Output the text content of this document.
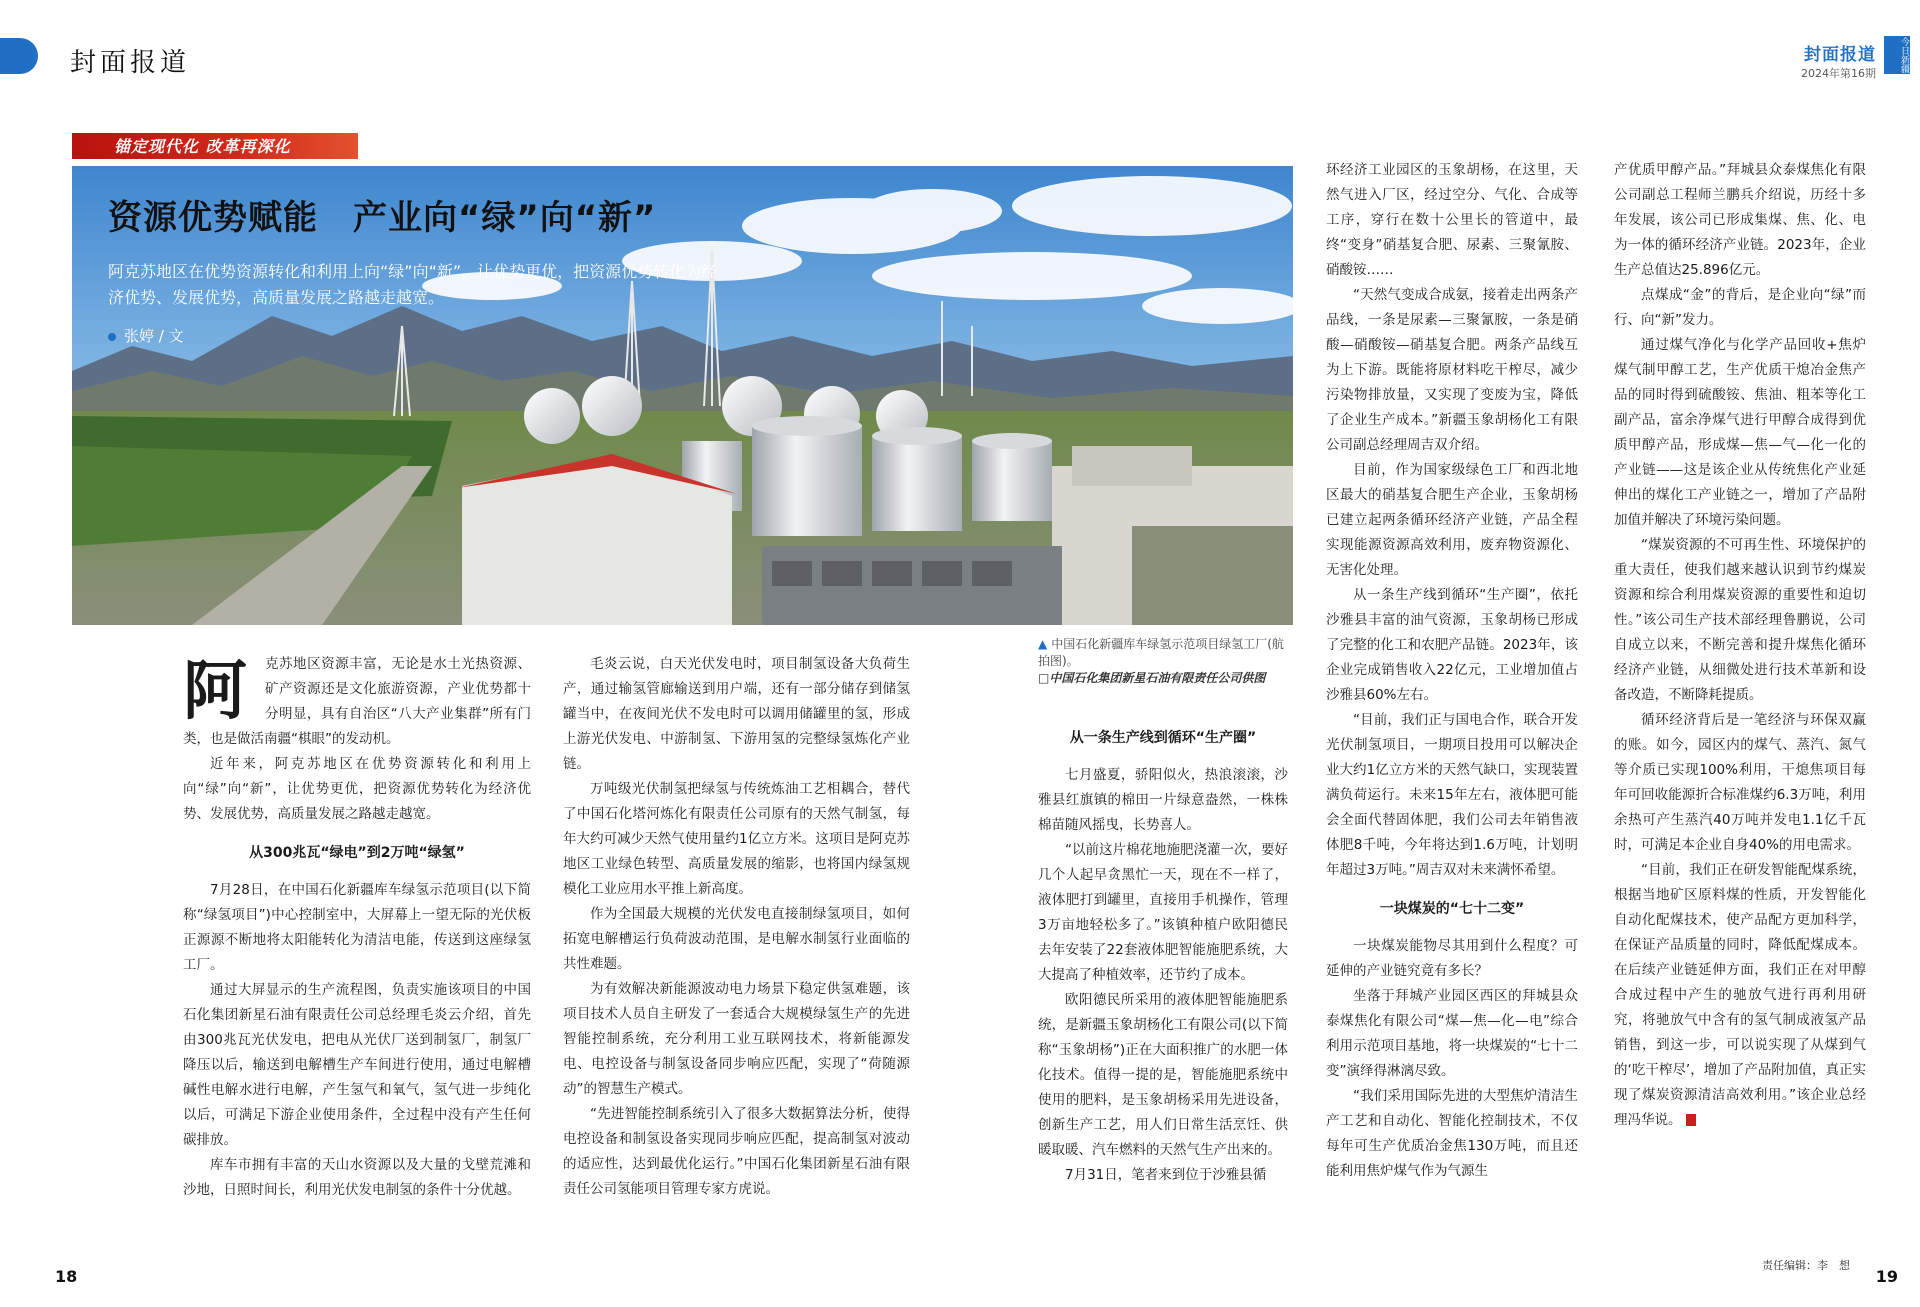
封面报道	封面报道
2024年第16期
今日新疆
锚定现代化 改革再深化
资源优势赋能　产业向“绿”向“新”
阿克苏地区在优势资源转化和利用上向“绿”向“新”，让优势更优，把资源优势转化为经济优势、发展优势，高质量发展之路越走越宽。
张婷 / 文
▲ 中国石化新疆库车绿氢示范项目绿氢工厂(航拍图)。
□中国石化集团新星石油有限责任公司供图
阿	克苏地区资源丰富，无论是水土光热资源、矿产资源还是文化旅游资源，产业优势都十分明显，具有自治区“八大产业集群”所有门类，也是做活南疆“棋眼”的发动机。

近年来，阿克苏地区在优势资源转化和利用上向“绿”向“新”，让优势更优，把资源优势转化为经济优势、发展优势，高质量发展之路越走越宽。

从300兆瓦“绿电”到2万吨“绿氢”

7月28日，在中国石化新疆库车绿氢示范项目(以下简称“绿氢项目”)中心控制室中，大屏幕上一望无际的光伏板正源源不断地将太阳能转化为清洁电能，传送到这座绿氢工厂。

通过大屏显示的生产流程图，负责实施该项目的中国石化集团新星石油有限责任公司总经理毛炎云介绍，首先由300兆瓦光伏发电，把电从光伏厂送到制氢厂，制氢厂降压以后，输送到电解槽生产车间进行使用，通过电解槽碱性电解水进行电解，产生氢气和氧气，氢气进一步纯化以后，可满足下游企业使用条件，全过程中没有产生任何碳排放。

库车市拥有丰富的天山水资源以及大量的戈壁荒滩和沙地，日照时间长，利用光伏发电制氢的条件十分优越。

毛炎云说，白天光伏发电时，项目制氢设备大负荷生产，通过输氢管廊输送到用户端，还有一部分储存到储氢罐当中，在夜间光伏不发电时可以调用储罐里的氢，形成上游光伏发电、中游制氢、下游用氢的完整绿氢炼化产业链。

万吨级光伏制氢把绿氢与传统炼油工艺相耦合，替代了中国石化塔河炼化有限责任公司原有的天然气制氢，每年大约可减少天然气使用量约1亿立方米。这项目是阿克苏地区工业绿色转型、高质量发展的缩影，也将国内绿氢规模化工业应用水平推上新高度。

作为全国最大规模的光伏发电直接制绿氢项目，如何拓宽电解槽运行负荷波动范围，是电解水制氢行业面临的共性难题。

为有效解决新能源波动电力场景下稳定供氢难题，该项目技术人员自主研发了一套适合大规模绿氢生产的先进智能控制系统，充分利用工业互联网技术，将新能源发电、电控设备与制氢设备同步响应匹配，实现了“荷随源动”的智慧生产模式。

“先进智能控制系统引入了很多大数据算法分析，使得电控设备和制氢设备实现同步响应匹配，提高制氢对波动的适应性，达到最优化运行。”中国石化集团新星石油有限责任公司氢能项目管理专家方虎说。

从一条生产线到循环“生产圈”

七月盛夏，骄阳似火，热浪滚滚，沙雅县红旗镇的棉田一片绿意盎然，一株株棉苗随风摇曳，长势喜人。

“以前这片棉花地施肥浇灌一次，要好几个人起早贪黑忙一天，现在不一样了，液体肥打到罐里，直接用手机操作，管理3万亩地轻松多了。”该镇种植户欧阳德民去年安装了22套液体肥智能施肥系统，大大提高了种植效率，还节约了成本。

欧阳德民所采用的液体肥智能施肥系统，是新疆玉象胡杨化工有限公司(以下简称“玉象胡杨”)正在大面积推广的水肥一体化技术。值得一提的是，智能施肥系统中使用的肥料，是玉象胡杨采用先进设备，创新生产工艺，用人们日常生活烹饪、供暖取暖、汽车燃料的天然气生产出来的。

7月31日，笔者来到位于沙雅县循

环经济工业园区的玉象胡杨，在这里，天然气进入厂区，经过空分、气化、合成等工序，穿行在数十公里长的管道中，最终“变身”硝基复合肥、尿素、三聚氰胺、硝酸铵……

“天然气变成合成氨，接着走出两条产品线，一条是尿素—三聚氰胺，一条是硝酸—硝酸铵—硝基复合肥。两条产品线互为上下游。既能将原材料吃干榨尽，减少污染物排放量，又实现了变废为宝，降低了企业生产成本。”新疆玉象胡杨化工有限公司副总经理周吉双介绍。

目前，作为国家级绿色工厂和西北地区最大的硝基复合肥生产企业，玉象胡杨已建立起两条循环经济产业链，产品全程实现能源资源高效利用，废弃物资源化、无害化处理。

从一条生产线到循环“生产圈”，依托沙雅县丰富的油气资源，玉象胡杨已形成了完整的化工和农肥产品链。2023年，该企业完成销售收入22亿元，工业增加值占沙雅县60%左右。

“目前，我们正与国电合作，联合开发光伏制氢项目，一期项目投用可以解决企业大约1亿立方米的天然气缺口，实现装置满负荷运行。未来15年左右，液体肥可能会全面代替固体肥，我们公司去年销售液体肥8千吨，今年将达到1.6万吨，计划明年超过3万吨。”周吉双对未来满怀希望。

一块煤炭的“七十二变”

一块煤炭能物尽其用到什么程度？可延伸的产业链究竟有多长？

坐落于拜城产业园区西区的拜城县众泰煤焦化有限公司“煤—焦—化—电”综合利用示范项目基地，将一块煤炭的“七十二变”演绎得淋漓尽致。

“我们采用国际先进的大型焦炉清洁生产工艺和自动化、智能化控制技术，不仅每年可生产优质冶金焦130万吨，而且还能利用焦炉煤气作为气源生

产优质甲醇产品。”拜城县众泰煤焦化有限公司副总工程师兰鹏兵介绍说，历经十多年发展，该公司已形成集煤、焦、化、电为一体的循环经济产业链。2023年，企业生产总值达25.896亿元。

点煤成“金”的背后，是企业向“绿”而行、向“新”发力。

通过煤气净化与化学产品回收+焦炉煤气制甲醇工艺，生产优质干熄冶金焦产品的同时得到硫酸铵、焦油、粗苯等化工副产品，富余净煤气进行甲醇合成得到优质甲醇产品，形成煤—焦—气—化一化的产业链——这是该企业从传统焦化产业延伸出的煤化工产业链之一，增加了产品附加值并解决了环境污染问题。

“煤炭资源的不可再生性、环境保护的重大责任，使我们越来越认识到节约煤炭资源和综合利用煤炭资源的重要性和迫切性。”该公司生产技术部经理鲁鹏说，公司自成立以来，不断完善和提升煤焦化循环经济产业链，从细微处进行技术革新和设备改造，不断降耗提质。

循环经济背后是一笔经济与环保双赢的账。如今，园区内的煤气、蒸汽、氮气等介质已实现100%利用，干熄焦项目每年可回收能源折合标准煤约6.3万吨，利用余热可产生蒸汽40万吨并发电1.1亿千瓦时，可满足本企业自身40%的用电需求。

“目前，我们正在研发智能配煤系统，根据当地矿区原料煤的性质，开发智能化自动化配煤技术，使产品配方更加科学，在保证产品质量的同时，降低配煤成本。在后续产业链延伸方面，我们正在对甲醇合成过程中产生的驰放气进行再利用研究，将驰放气中含有的氢气制成液氢产品销售，到这一步，可以说实现了从煤到气的‘吃干榨尽’，增加了产品附加值，真正实现了煤炭资源清洁高效利用。”该企业总经理冯华说。

18	19
责任编辑：李　想
